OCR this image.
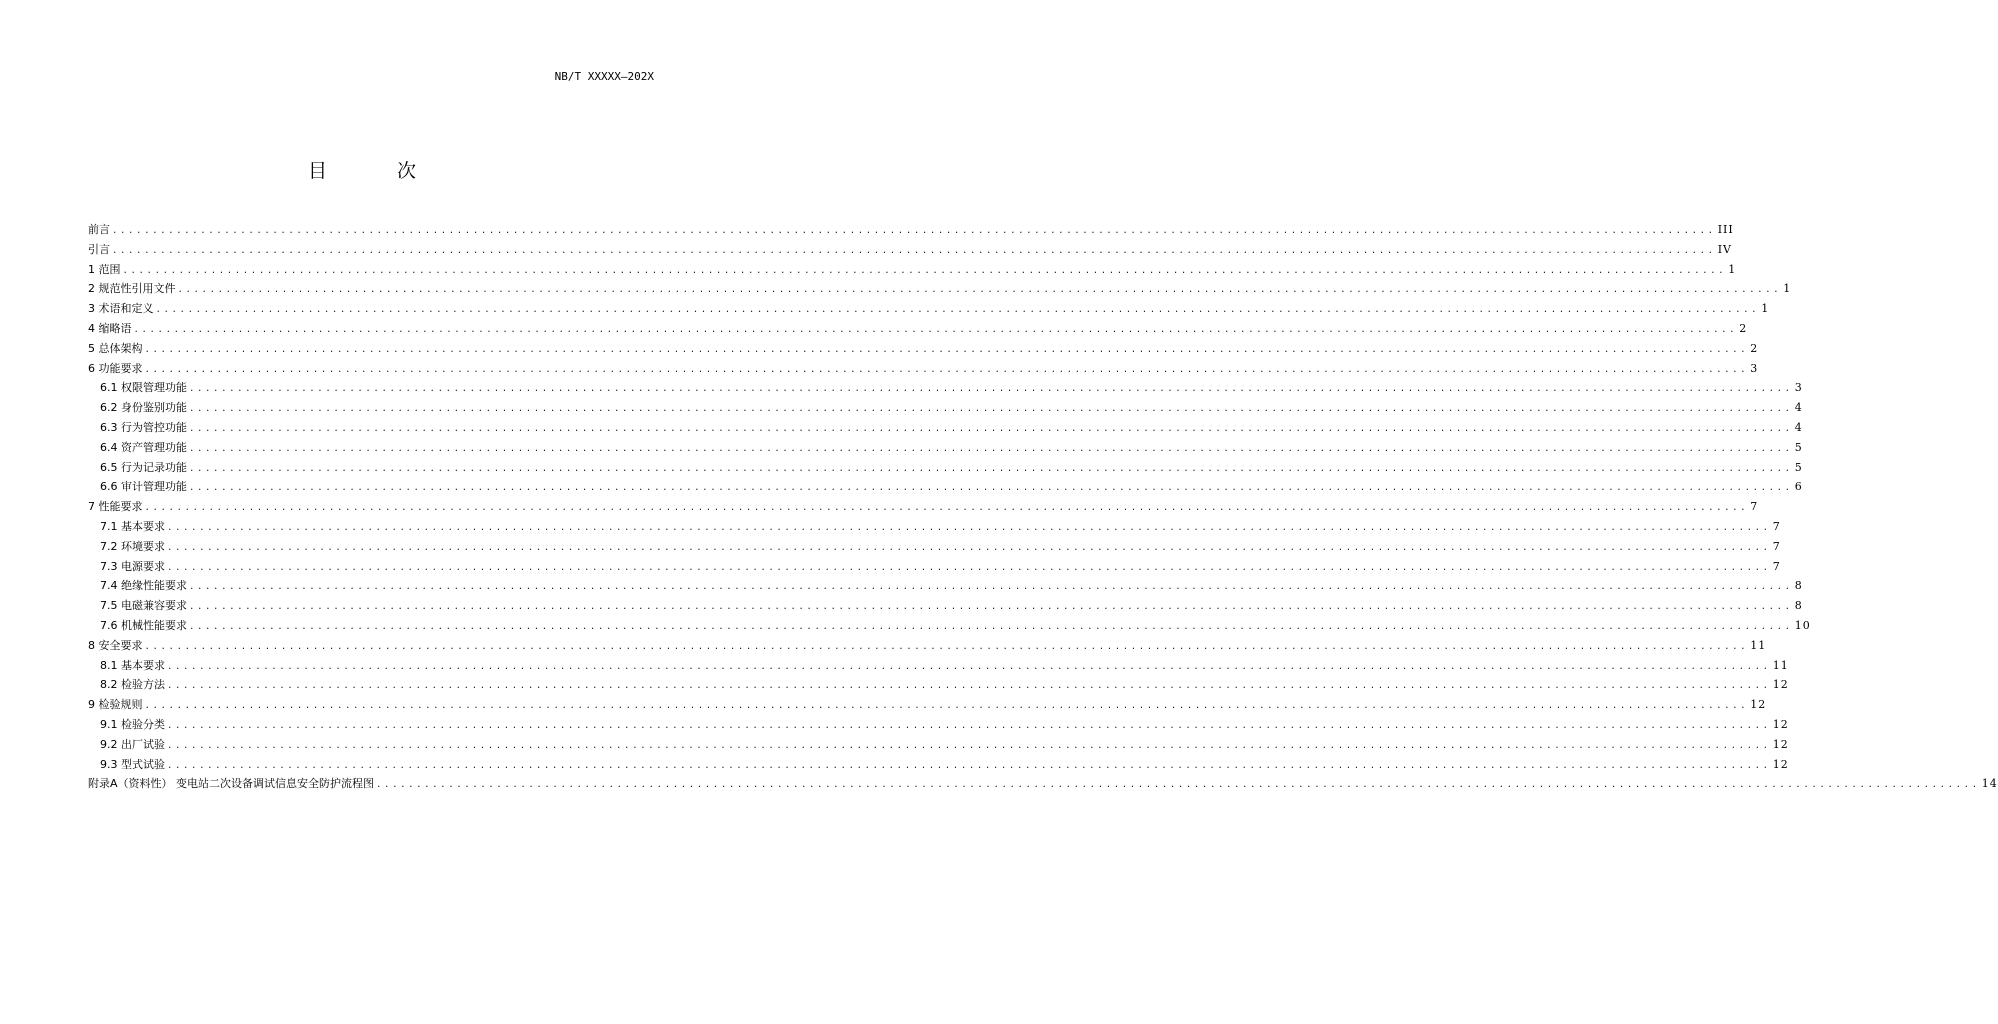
NB/T XXXXX—202X
目 次
前言 ........................................................................................................................................................................................................ III
引言 ........................................................................................................................................................................................................ IV
1 范围 ........................................................................................................................................................................................................ 1
2 规范性引用文件 ........................................................................................................................................................................................................ 1
3 术语和定义 ........................................................................................................................................................................................................ 1
4 缩略语 ........................................................................................................................................................................................................ 2
5 总体架构 ........................................................................................................................................................................................................ 2
6 功能要求 ........................................................................................................................................................................................................ 3
6.1 权限管理功能 ........................................................................................................................................................................................................ 3
6.2 身份鉴别功能 ........................................................................................................................................................................................................ 4
6.3 行为管控功能 ........................................................................................................................................................................................................ 4
6.4 资产管理功能 ........................................................................................................................................................................................................ 5
6.5 行为记录功能 ........................................................................................................................................................................................................ 5
6.6 审计管理功能 ........................................................................................................................................................................................................ 6
7 性能要求 ........................................................................................................................................................................................................ 7
7.1 基本要求 ........................................................................................................................................................................................................ 7
7.2 环境要求 ........................................................................................................................................................................................................ 7
7.3 电源要求 ........................................................................................................................................................................................................ 7
7.4 绝缘性能要求 ........................................................................................................................................................................................................ 8
7.5 电磁兼容要求 ........................................................................................................................................................................................................ 8
7.6 机械性能要求 ........................................................................................................................................................................................................ 10
8 安全要求 ........................................................................................................................................................................................................ 11
8.1 基本要求 ........................................................................................................................................................................................................ 11
8.2 检验方法 ........................................................................................................................................................................................................ 12
9 检验规则 ........................................................................................................................................................................................................ 12
9.1 检验分类 ........................................................................................................................................................................................................ 12
9.2 出厂试验 ........................................................................................................................................................................................................ 12
9.3 型式试验 ........................................................................................................................................................................................................ 12
附录A（资料性） 变电站二次设备调试信息安全防护流程图 ........................................................................................................................................................................................................ 14
